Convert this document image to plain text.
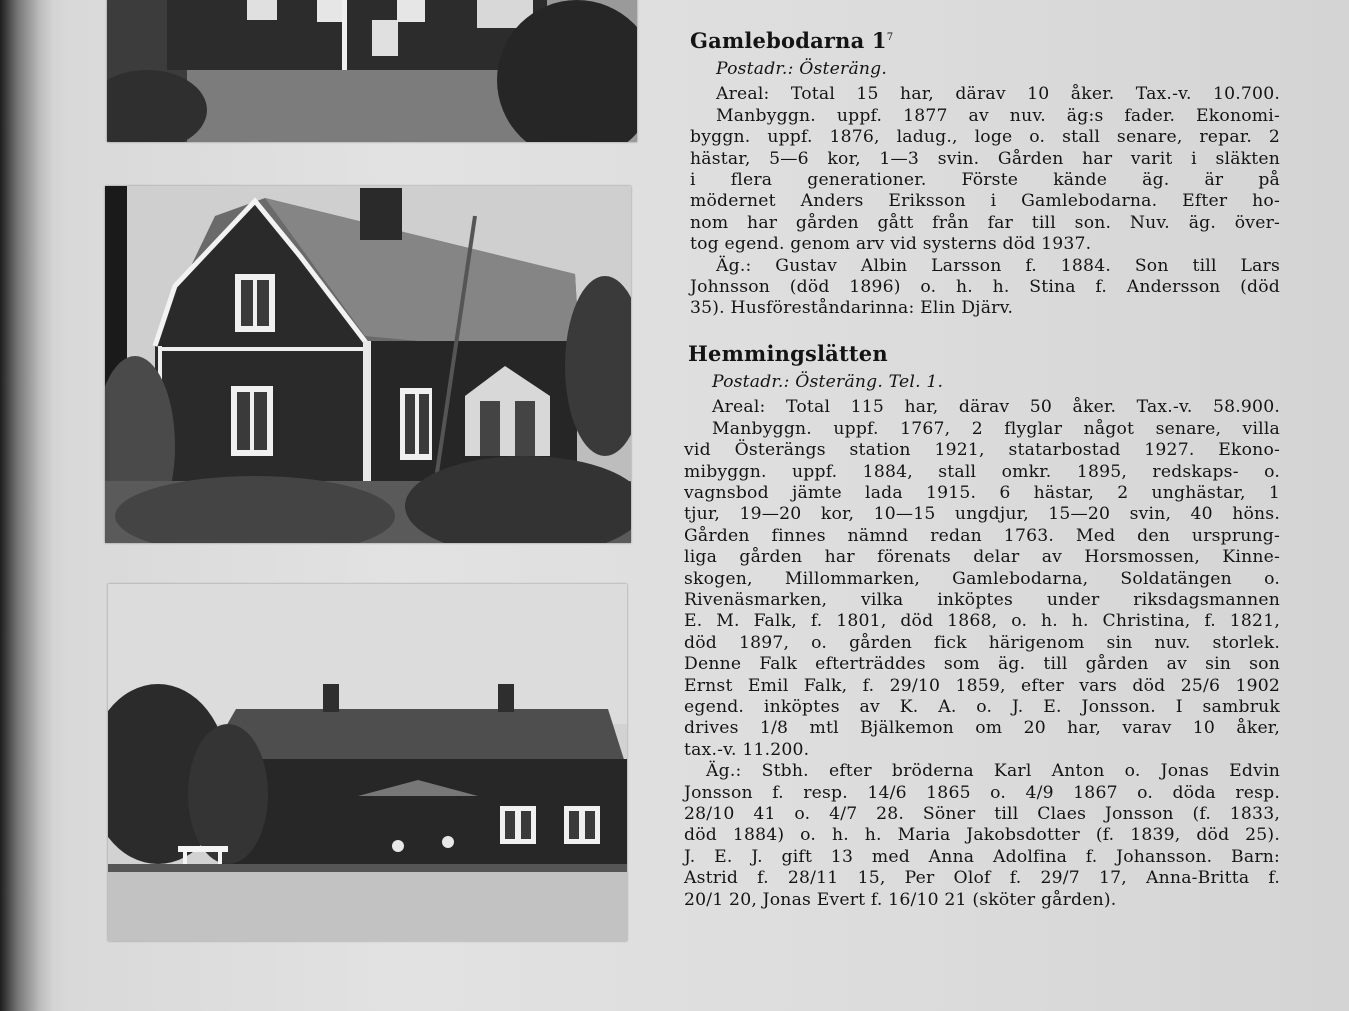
Gamlebodarna $1^7$
Postadr.: Österäng.
Areal: Total 15 har, därav 10 åker. Tax.-v. 10.700.
Manbyggn. uppf. 1877 av nuv. äg:s fader. Ekonomi-
byggn. uppf. 1876, ladug., loge o. stall senare, repar. 2
hästar, 5—6 kor, 1—3 svin. Gården har varit i släkten
i flera generationer. Förste kände äg. är på
mödernet Anders Eriksson i Gamlebodarna. Efter ho-
nom har gården gått från far till son. Nuv. äg. över-
tog egend. genom arv vid systerns död 1937.
Äg.: Gustav Albin Larsson f. 1884. Son till Lars
Johnsson (död 1896) o. h. h. Stina f. Andersson (död
35). Husföreståndarinna: Elin Djärv.
Hemmingslätten
Postadr.: Österäng. Tel. 1.
Areal: Total 115 har, därav 50 åker. Tax.-v. 58.900.
Manbyggn. uppf. 1767, 2 flyglar något senare, villa
vid Österängs station 1921, statarbostad 1927. Ekono-
mibyggn. uppf. 1884, stall omkr. 1895, redskaps- o.
vagnsbod jämte lada 1915. 6 hästar, 2 unghästar, 1
tjur, 19—20 kor, 10—15 ungdjur, 15—20 svin, 40 höns.
Gården finnes nämnd redan 1763. Med den ursprung-
liga gården har förenats delar av Horsmossen, Kinne-
skogen, Millommarken, Gamlebodarna, Soldatängen o.
Rivenäsmarken, vilka inköptes under riksdagsmannen
E. M. Falk, f. 1801, död 1868, o. h. h. Christina, f. 1821,
död 1897, o. gården fick härigenom sin nuv. storlek.
Denne Falk efterträddes som äg. till gården av sin son
Ernst Emil Falk, f. 29/10 1859, efter vars död 25/6 1902
egend. inköptes av K. A. o. J. E. Jonsson. I sambruk
drives 1/8 mtl Bjälkemon om 20 har, varav 10 åker,
tax.-v. 11.200.
Äg.: Stbh. efter bröderna Karl Anton o. Jonas Edvin
Jonsson f. resp. 14/6 1865 o. 4/9 1867 o. döda resp.
28/10 41 o. 4/7 28. Söner till Claes Jonsson (f. 1833,
död 1884) o. h. h. Maria Jakobsdotter (f. 1839, död 25).
J. E. J. gift 13 med Anna Adolfina f. Johansson. Barn:
Astrid f. 28/11 15, Per Olof f. 29/7 17, Anna-Britta f.
20/1 20, Jonas Evert f. 16/10 21 (sköter gården).
